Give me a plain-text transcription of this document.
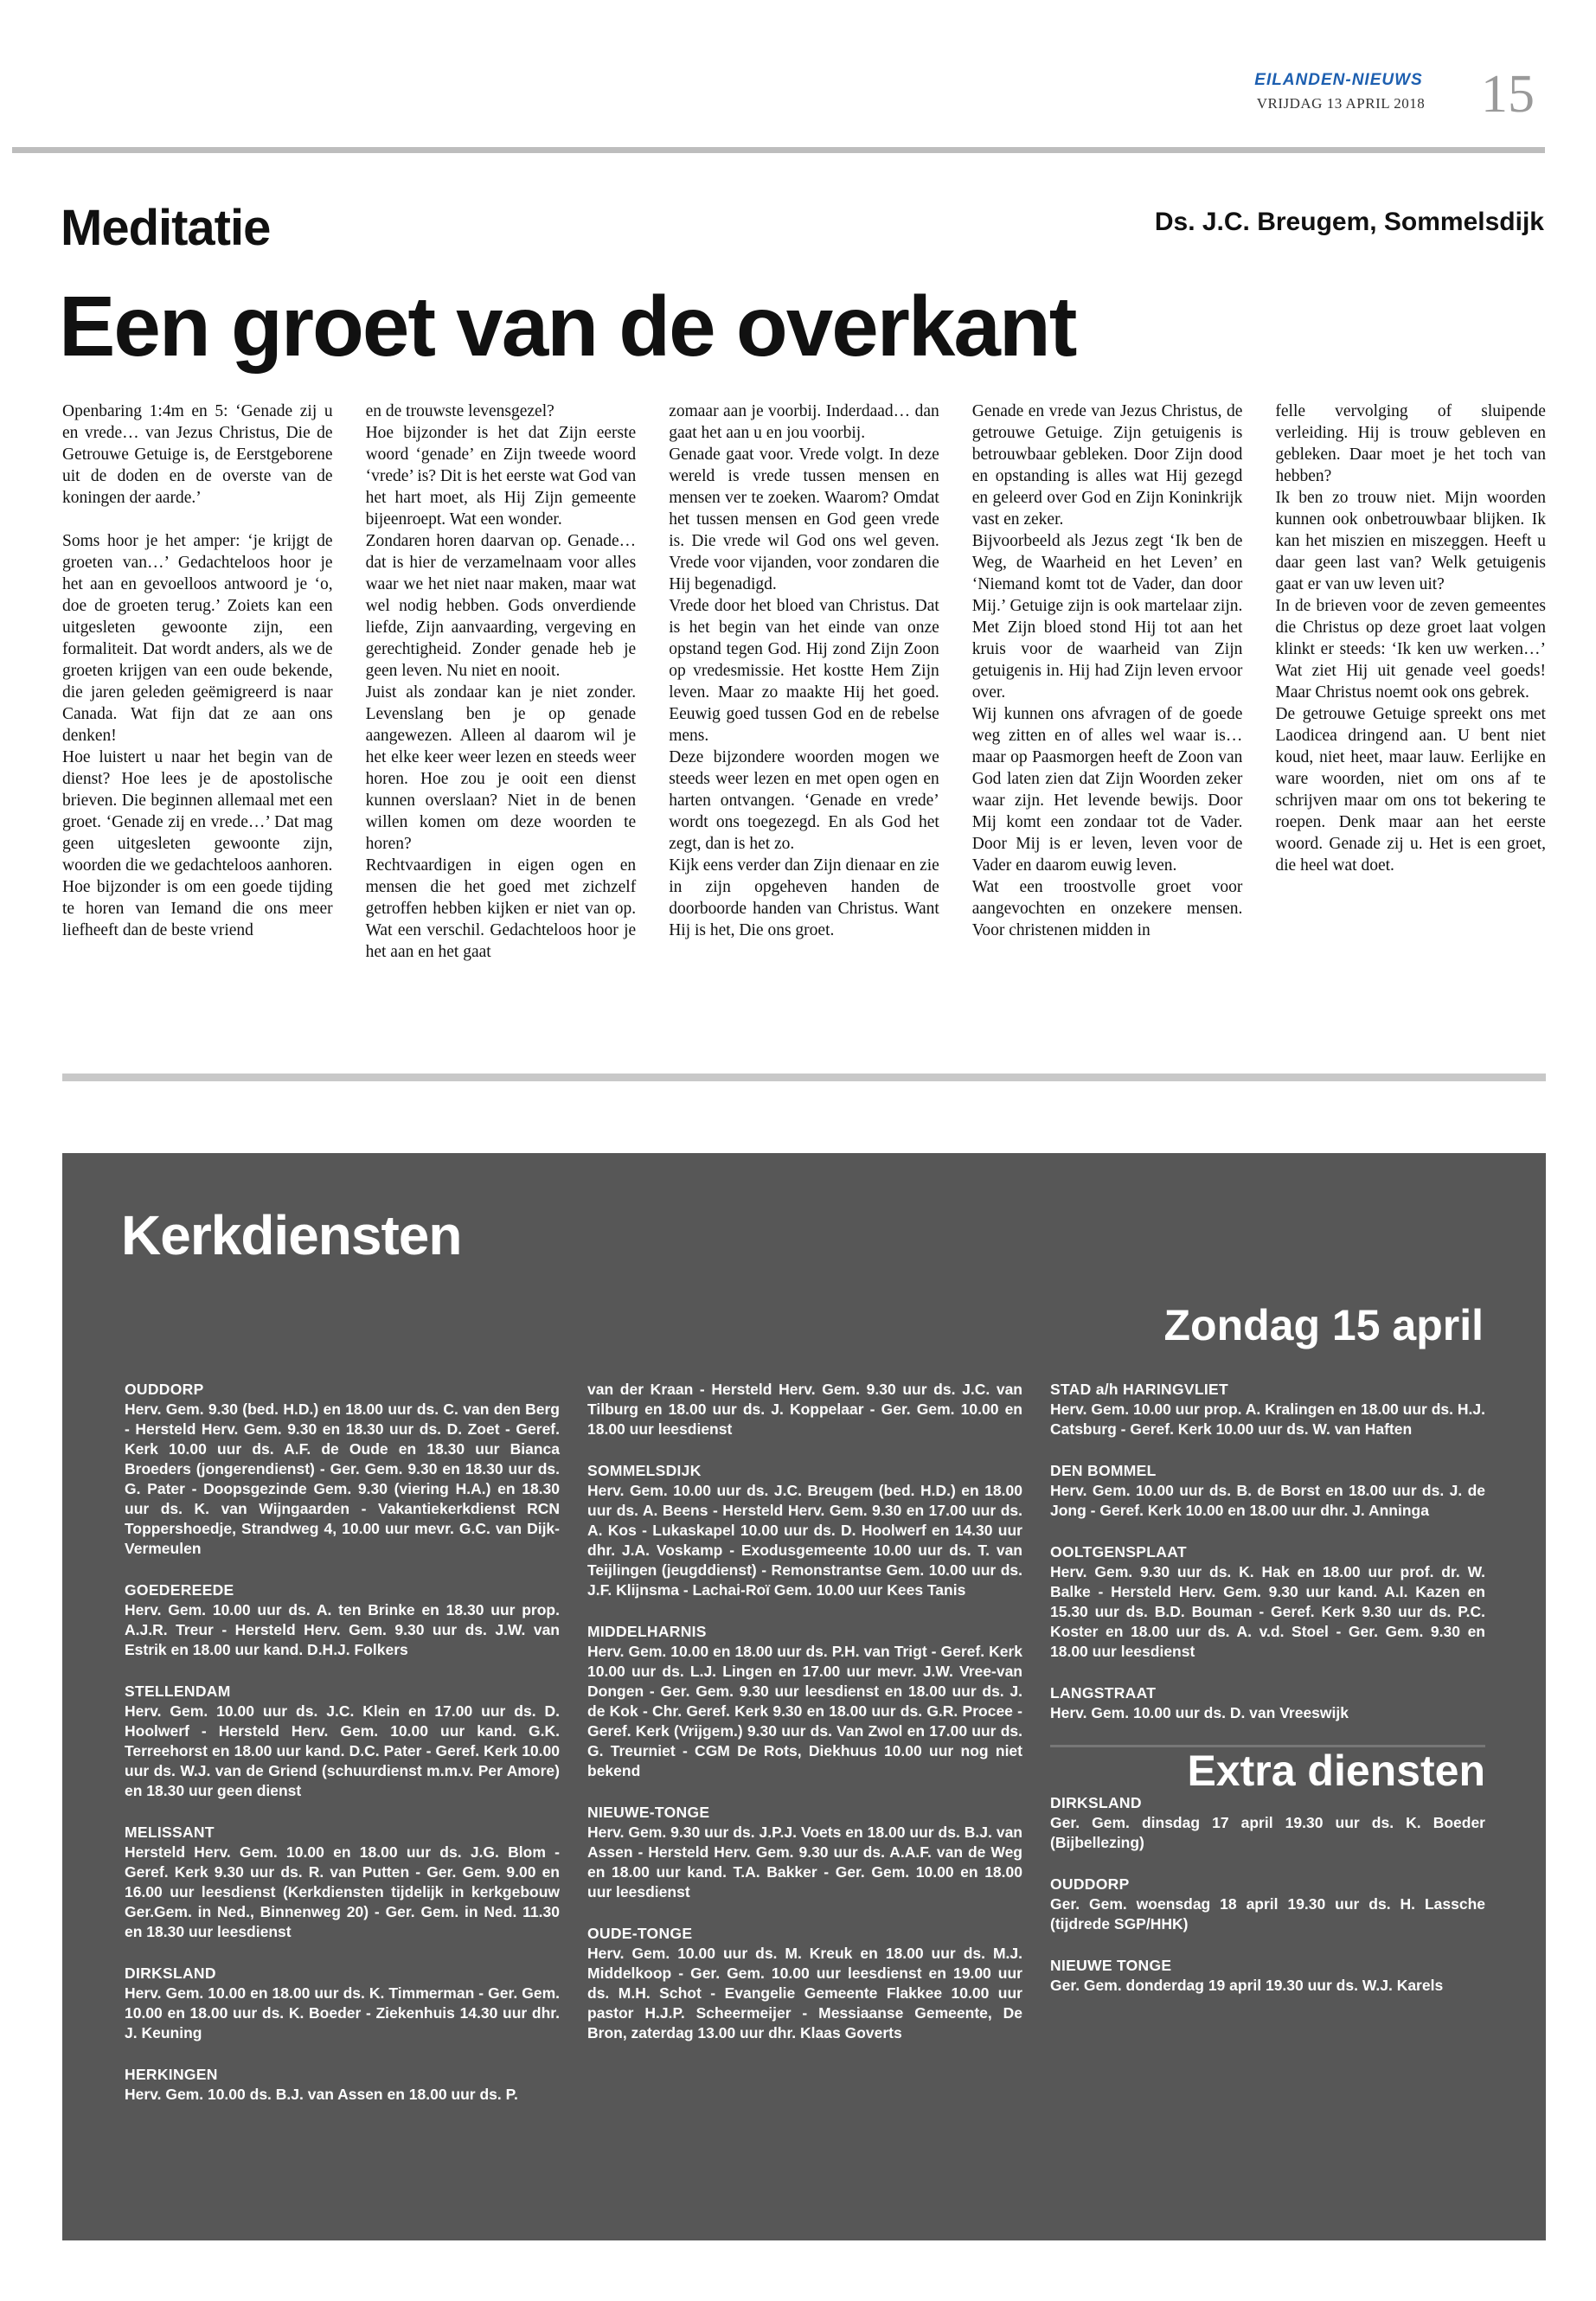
EILANDEN-NIEUWS
VRIJDAG 13 APRIL 2018 15
Meditatie	Ds. J.C. Breugem, Sommelsdijk
Een groet van de overkant
Openbaring 1:4m en 5: ‘Genade zij u en vrede… van Jezus Christus, Die de Getrouwe Getuige is, de Eerstgeborene uit de doden en de overste van de koningen der aarde.’

Soms hoor je het amper: ‘je krijgt de groeten van…’ Gedachteloos hoor je het aan en gevoelloos antwoord je ‘o, doe de groeten terug.’ Zoiets kan een uitgesleten gewoonte zijn, een formaliteit. Dat wordt anders, als we de groeten krijgen van een oude bekende, die jaren geleden geëmigreerd is naar Canada. Wat fijn dat ze aan ons denken!
Hoe luistert u naar het begin van de dienst? Hoe lees je de apostolische brieven. Die beginnen allemaal met een groet. ‘Genade zij en vrede…’ Dat mag geen uitgesleten gewoonte zijn, woorden die we gedachteloos aanhoren.
Hoe bijzonder is om een goede tijding te horen van Iemand die ons meer liefheeft dan de beste vriend
en de trouwste levensgezel?
Hoe bijzonder is het dat Zijn eerste woord ‘genade’ en Zijn tweede woord ‘vrede’ is? Dit is het eerste wat God van het hart moet, als Hij Zijn gemeente bijeenroept. Wat een wonder.
Zondaren horen daarvan op. Genade… dat is hier de verzamelnaam voor alles waar we het niet naar maken, maar wat wel nodig hebben. Gods onverdiende liefde, Zijn aanvaarding, vergeving en gerechtigheid. Zonder genade heb je geen leven. Nu niet en nooit.
Juist als zondaar kan je niet zonder. Levenslang ben je op genade aangewezen. Alleen al daarom wil je het elke keer weer lezen en steeds weer horen. Hoe zou je ooit een dienst kunnen overslaan? Niet in de benen willen komen om deze woorden te horen?
Rechtvaardigen in eigen ogen en mensen die het goed met zichzelf getroffen hebben kijken er niet van op. Wat een verschil. Gedachteloos hoor je het aan en het gaat
zomaar aan je voorbij. Inderdaad… dan gaat het aan u en jou voorbij.
Genade gaat voor. Vrede volgt. In deze wereld is vrede tussen mensen en mensen ver te zoeken. Waarom? Omdat het tussen mensen en God geen vrede is. Die vrede wil God ons wel geven. Vrede voor vijanden, voor zondaren die Hij begenadigd.
Vrede door het bloed van Christus. Dat is het begin van het einde van onze opstand tegen God. Hij zond Zijn Zoon op vredesmissie. Het kostte Hem Zijn leven. Maar zo maakte Hij het goed. Eeuwig goed tussen God en de rebelse mens.
Deze bijzondere woorden mogen we steeds weer lezen en met open ogen en harten ontvangen. ‘Genade en vrede’ wordt ons toegezegd. En als God het zegt, dan is het zo.
Kijk eens verder dan Zijn dienaar en zie in zijn opgeheven handen de doorboorde handen van Christus. Want Hij is het, Die ons groet.
Genade en vrede van Jezus Christus, de getrouwe Getuige. Zijn getuigenis is betrouwbaar gebleken. Door Zijn dood en opstanding is alles wat Hij gezegd en geleerd over God en Zijn Koninkrijk vast en zeker.
Bijvoorbeeld als Jezus zegt ‘Ik ben de Weg, de Waarheid en het Leven’ en ‘Niemand komt tot de Vader, dan door Mij.’ Getuige zijn is ook martelaar zijn. Met Zijn bloed stond Hij tot aan het kruis voor de waarheid van Zijn getuigenis in. Hij had Zijn leven ervoor over.
Wij kunnen ons afvragen of de goede weg zitten en of alles wel waar is… maar op Paasmorgen heeft de Zoon van God laten zien dat Zijn Woorden zeker waar zijn. Het levende bewijs. Door Mij komt een zondaar tot de Vader. Door Mij is er leven, leven voor de Vader en daarom euwig leven.
Wat een troostvolle groet voor aangevochten en onzekere mensen. Voor christenen midden in
felle vervolging of sluipende verleiding. Hij is trouw gebleven en gebleken. Daar moet je het toch van hebben?
Ik ben zo trouw niet. Mijn woorden kunnen ook onbetrouwbaar blijken. Ik kan het miszien en miszeggen. Heeft u daar geen last van? Welk getuigenis gaat er van uw leven uit?
In de brieven voor de zeven gemeentes die Christus op deze groet laat volgen klinkt er steeds: ‘Ik ken uw werken…’ Wat ziet Hij uit genade veel goeds! Maar Christus noemt ook ons gebrek.
De getrouwe Getuige spreekt ons met Laodicea dringend aan. U bent niet koud, niet heet, maar lauw. Eerlijke en ware woorden, niet om ons af te schrijven maar om ons tot bekering te roepen. Denk maar aan het eerste woord. Genade zij u. Het is een groet, die heel wat doet.
Kerkdiensten
Zondag 15 april
OUDDORP
Herv. Gem. 9.30 (bed. H.D.) en 18.00 uur ds. C. van den Berg - Hersteld Herv. Gem. 9.30 en 18.30 uur ds. D. Zoet - Geref. Kerk 10.00 uur ds. A.F. de Oude en 18.30 uur Bianca Broeders (jongerendienst) - Ger. Gem. 9.30 en 18.30 uur ds. G. Pater - Doopsgezinde Gem. 9.30 (viering H.A.) en 18.30 uur ds. K. van Wijngaarden - Vakantiekerkdienst RCN Toppershoedje, Strandweg 4, 10.00 uur mevr. G.C. van Dijk-Vermeulen
GOEDEREEDE
Herv. Gem. 10.00 uur ds. A. ten Brinke en 18.30 uur prop. A.J.R. Treur - Hersteld Herv. Gem. 9.30 uur ds. J.W. van Estrik en 18.00 uur kand. D.H.J. Folkers
STELLENDAM
Herv. Gem. 10.00 uur ds. J.C. Klein en 17.00 uur ds. D. Hoolwerf - Hersteld Herv. Gem. 10.00 uur kand. G.K. Terreehorst en 18.00 uur kand. D.C. Pater - Geref. Kerk 10.00 uur ds. W.J. van de Griend (schuurdienst m.m.v. Per Amore) en 18.30 uur geen dienst
MELISSANT
Hersteld Herv. Gem. 10.00 en 18.00 uur ds. J.G. Blom - Geref. Kerk 9.30 uur ds. R. van Putten - Ger. Gem. 9.00 en 16.00 uur leesdienst (Kerkdiensten tijdelijk in kerkgebouw Ger.Gem. in Ned., Binnenweg 20) - Ger. Gem. in Ned. 11.30 en 18.30 uur leesdienst
DIRKSLAND
Herv. Gem. 10.00 en 18.00 uur ds. K. Timmerman - Ger. Gem. 10.00 en 18.00 uur ds. K. Boeder - Ziekenhuis 14.30 uur dhr. J. Keuning
HERKINGEN
Herv. Gem. 10.00 ds. B.J. van Assen en 18.00 uur ds. P.
van der Kraan - Hersteld Herv. Gem. 9.30 uur ds. J.C. van Tilburg en 18.00 uur ds. J. Koppelaar - Ger. Gem. 10.00 en 18.00 uur leesdienst
SOMMELSDIJK
Herv. Gem. 10.00 uur ds. J.C. Breugem (bed. H.D.) en 18.00 uur ds. A. Beens - Hersteld Herv. Gem. 9.30 en 17.00 uur ds. A. Kos - Lukaskapel 10.00 uur ds. D. Hoolwerf en 14.30 uur dhr. J.A. Voskamp - Exodusgemeente 10.00 uur ds. T. van Teijlingen (jeugddienst) - Remonstrantse Gem. 10.00 uur ds. J.F. Klijnsma - Lachai-Roï Gem. 10.00 uur Kees Tanis
MIDDELHARNIS
Herv. Gem. 10.00 en 18.00 uur ds. P.H. van Trigt - Geref. Kerk 10.00 uur ds. L.J. Lingen en 17.00 uur mevr. J.W. Vree-van Dongen - Ger. Gem. 9.30 uur leesdienst en 18.00 uur ds. J. de Kok - Chr. Geref. Kerk 9.30 en 18.00 uur ds. G.R. Procee - Geref. Kerk (Vrijgem.) 9.30 uur ds. Van Zwol en 17.00 uur ds. G. Treurniet - CGM De Rots, Diekhuus 10.00 uur nog niet bekend
NIEUWE-TONGE
Herv. Gem. 9.30 uur ds. J.P.J. Voets en 18.00 uur ds. B.J. van Assen - Hersteld Herv. Gem. 9.30 uur ds. A.A.F. van de Weg en 18.00 uur kand. T.A. Bakker - Ger. Gem. 10.00 en 18.00 uur leesdienst
OUDE-TONGE
Herv. Gem. 10.00 uur ds. M. Kreuk en 18.00 uur ds. M.J. Middelkoop - Ger. Gem. 10.00 uur leesdienst en 19.00 uur ds. M.H. Schot - Evangelie Gemeente Flakkee 10.00 uur pastor H.J.P. Scheermeijer - Messiaanse Gemeente, De Bron, zaterdag 13.00 uur dhr. Klaas Goverts
STAD a/h HARINGVLIET
Herv. Gem. 10.00 uur prop. A. Kralingen en 18.00 uur ds. H.J. Catsburg - Geref. Kerk 10.00 uur ds. W. van Haften
DEN BOMMEL
Herv. Gem. 10.00 uur ds. B. de Borst en 18.00 uur ds. J. de Jong - Geref. Kerk 10.00 en 18.00 uur dhr. J. Anninga
OOLTGENSPLAAT
Herv. Gem. 9.30 uur ds. K. Hak en 18.00 uur prof. dr. W. Balke - Hersteld Herv. Gem. 9.30 uur kand. A.I. Kazen en 15.30 uur ds. B.D. Bouman - Geref. Kerk 9.30 uur ds. P.C. Koster en 18.00 uur ds. A. v.d. Stoel - Ger. Gem. 9.30 en 18.00 uur leesdienst
LANGSTRAAT
Herv. Gem. 10.00 uur ds. D. van Vreeswijk
Extra diensten
DIRKSLAND
Ger. Gem. dinsdag 17 april 19.30 uur ds. K. Boeder (Bijbellezing)
OUDDORP
Ger. Gem. woensdag 18 april 19.30 uur ds. H. Lassche (tijdrede SGP/HHK)
NIEUWE TONGE
Ger. Gem. donderdag 19 april 19.30 uur ds. W.J. Karels
